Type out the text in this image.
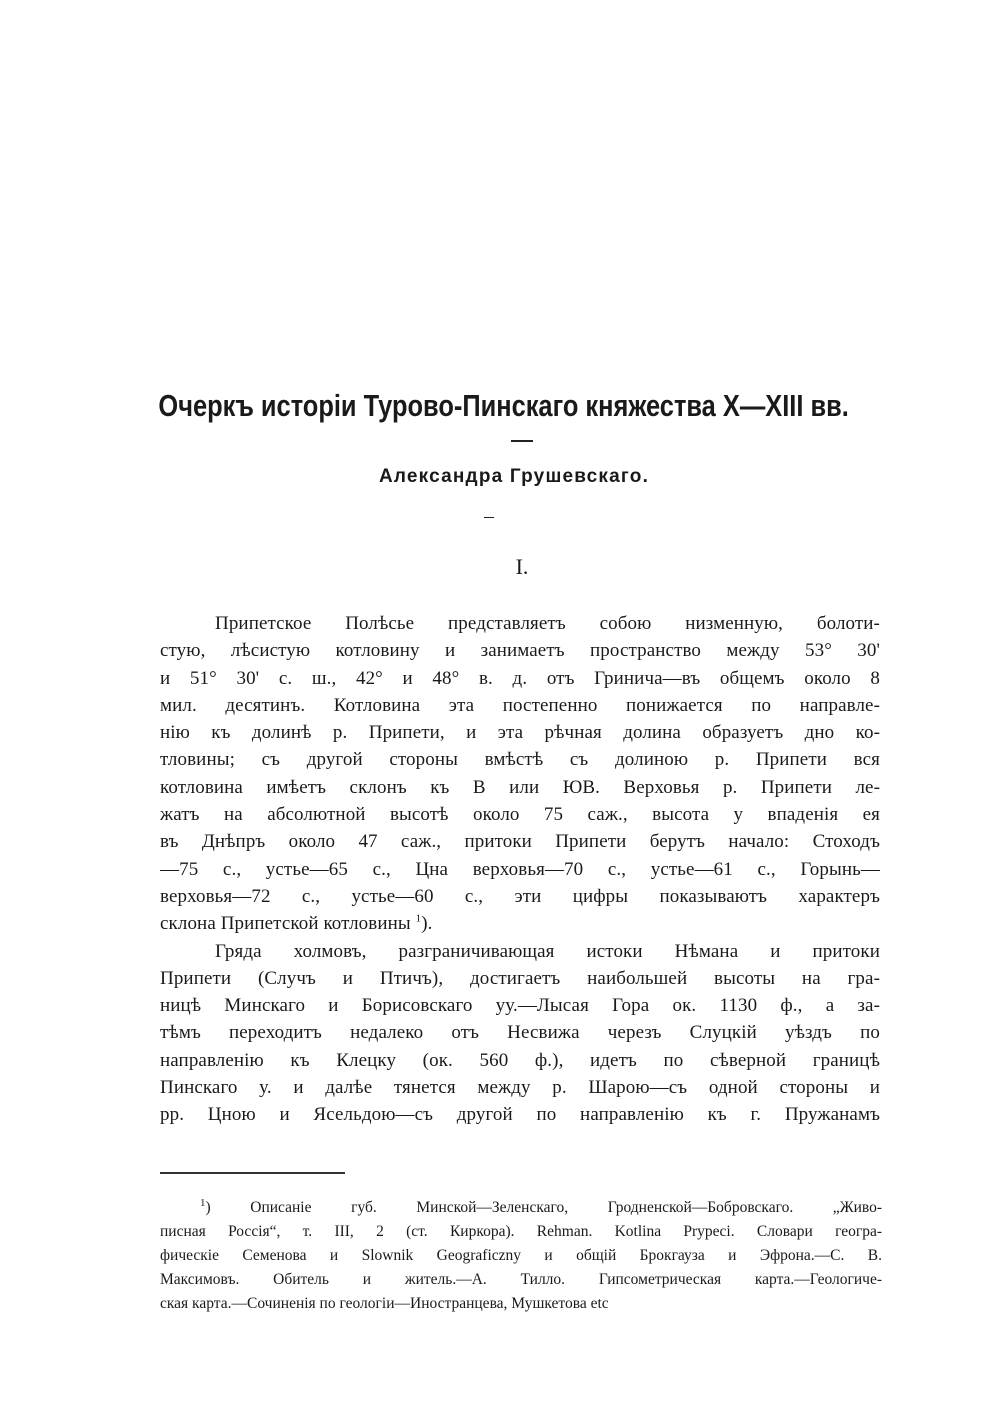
Очеркъ исторіи Турово-Пинскаго княжества X—XIII вв.
Александра Грушевскаго.
I.
Припетское Полѣсье представляетъ собою низменную, болоти-
стую, лѣсистую котловину и занимаетъ пространство между 53° 30'
и 51° 30' с. ш., 42° и 48° в. д. отъ Гринича—въ общемъ около 8
мил. десятинъ. Котловина эта постепенно понижается по направле-
нію къ долинѣ р. Припети, и эта рѣчная долина образуетъ дно ко-
тловины; съ другой стороны вмѣстѣ съ долиною р. Припети вся
котловина имѣетъ склонъ къ В или ЮВ. Верховья р. Припети ле-
жатъ на абсолютной высотѣ около 75 саж., высота у впаденія ея
въ Днѣпръ около 47 саж., притоки Припети берутъ начало: Стоходъ
—75 с., устье—65 с., Цна верховья—70 с., устье—61 с., Горынь—
верховья—72 с., устье—60 с., эти цифры показываютъ характеръ
склона Припетской котловины $^1$).
Гряда холмовъ, разграничивающая истоки Нѣмана и притоки
Припети (Случъ и Птичъ), достигаетъ наибольшей высоты на гра-
ницѣ Минскаго и Борисовскаго уу.—Лысая Гора ок. 1130 ф., а за-
тѣмъ переходитъ недалеко отъ Несвижа черезъ Слуцкій уѣздъ по
направленію къ Клецку (ок. 560 ф.), идетъ по сѣверной границѣ
Пинскаго у. и далѣе тянется между р. Шарою—съ одной стороны и
рр. Цною и Ясельдою—съ другой по направленію къ г. Пружанамъ
$^1$) Описаніе губ. Минской—Зеленскаго, Гродненской—Бобровскаго. „Живо-
писная Россія“, т. III, 2 (ст. Киркора). Rehman. Kotlina Prypeci. Словари геогра-
фическіе Семенова и Slownik Geograficzny и общій Брокгауза и Эфрона.—С. В.
Максимовъ. Обитель и житель.—А. Тилло. Гипсометрическая карта.—Геологиче-
ская карта.—Сочиненія по геологіи—Иностранцева, Мушкетова etc
